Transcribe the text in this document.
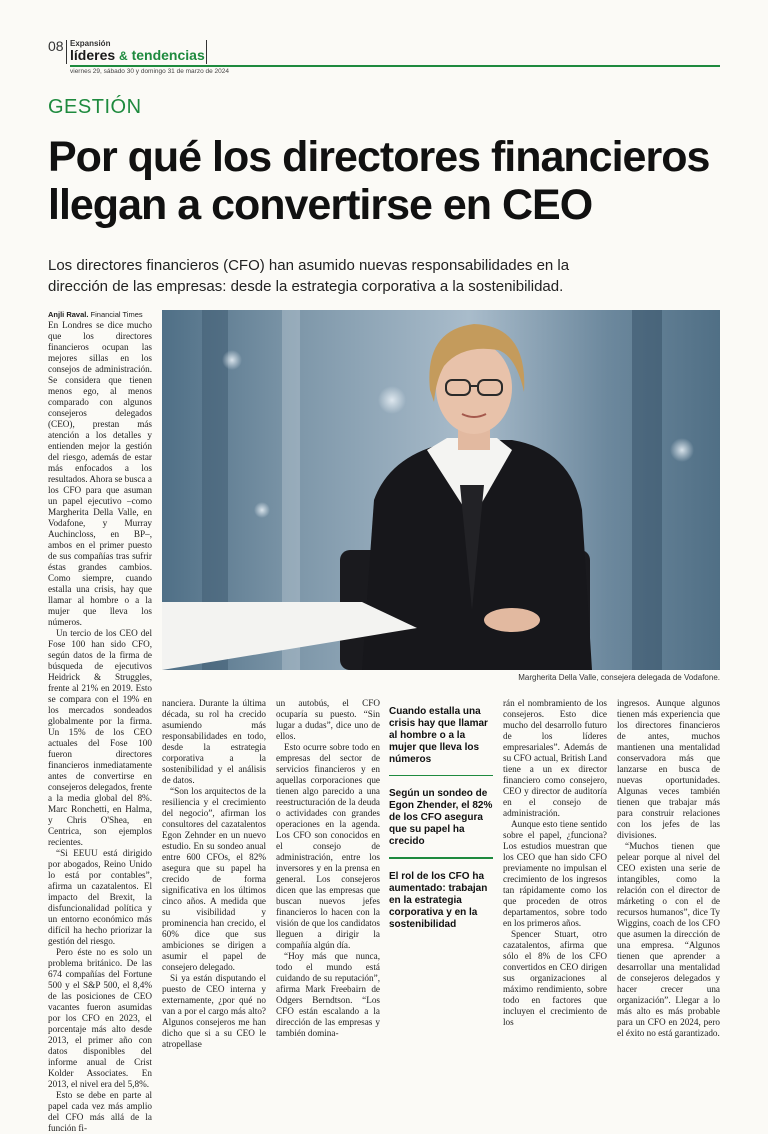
08 Expansión
líderes & tendencias
viernes 29, sábado 30 y domingo 31 de marzo de 2024
GESTIÓN
Por qué los directores financieros llegan a convertirse en CEO
Los directores financieros (CFO) han asumido nuevas responsabilidades en la dirección de las empresas: desde la estrategia corporativa a la sostenibilidad.

Anjli Raval. Financial Times

En Londres se dice mucho que los directores financieros ocupan las mejores sillas en los consejos de administración. Se considera que tienen menos ego, al menos comparado con algunos consejeros delegados (CEO), prestan más atención a los detalles y entienden mejor la gestión del riesgo, además de estar más enfocados a los resultados. Ahora se busca a los CFO para que asuman un papel ejecutivo –como Margherita Della Valle, en Vodafone, y Murray Auchincloss, en BP–, ambos en el primer puesto de sus compañías tras sufrir éstas grandes cambios. Como siempre, cuando estalla una crisis, hay que llamar al hombre o a la mujer que lleva los números.

Un tercio de los CEO del Fose 100 han sido CFO, según datos de la firma de búsqueda de ejecutivos Heidrick & Struggles, frente al 21% en 2019. Esto se compara con el 19% en los mercados sondeados globalmente por la firma. Un 15% de los CEO actuales del Fose 100 fueron directores financieros inmediatamente antes de convertirse en consejeros delegados, frente a la media global del 8%. Marc Ronchetti, en Halma, y Chris O'Shea, en Centrica, son ejemplos recientes.

“Si EEUU está dirigido por abogados, Reino Unido lo está por contables”, afirma un cazatalentos. El impacto del Brexit, la disfuncionalidad política y un entorno económico más difícil ha hecho priorizar la gestión del riesgo.

Pero éste no es solo un problema británico. De las 674 compañías del Fortune 500 y el S&P 500, el 8,4% de las posiciones de CEO vacantes fueron asumidas por los CFO en 2023, el porcentaje más alto desde 2013, el primer año con datos disponibles del informe anual de Crist Kolder Associates. En 2013, el nivel era del 5,8%.

Esto se debe en parte al papel cada vez más amplio del CFO más allá de la función fi-

Margherita Della Valle, consejera delegada de Vodafone.

nanciera. Durante la última década, su rol ha crecido asumiendo más responsabilidades en todo, desde la estrategia corporativa a la sostenibilidad y el análisis de datos.

“Son los arquitectos de la resiliencia y el crecimiento del negocio”, afirman los consultores del cazatalentos Egon Zehnder en un nuevo estudio. En su sondeo anual entre 600 CFOs, el 82% asegura que su papel ha crecido de forma significativa en los últimos cinco años. A medida que su visibilidad y prominencia han crecido, el 60% dice que sus ambiciones se dirigen a asumir el papel de consejero delegado.

Si ya están disputando el puesto de CEO interna y externamente, ¿por qué no van a por el cargo más alto? Algunos consejeros me han dicho que si a su CEO le atropellase

un autobús, el CFO ocuparía su puesto. “Sin lugar a dudas”, dice uno de ellos.

Esto ocurre sobre todo en empresas del sector de servicios financieros y en aquellas corporaciones que tienen algo parecido a una reestructuración de la deuda o actividades con grandes operaciones en la agenda. Los CFO son conocidos en el consejo de administración, entre los inversores y en la prensa en general. Los consejeros dicen que las empresas que buscan nuevos jefes financieros lo hacen con la visión de que los candidatos lleguen a dirigir la compañía algún día.

“Hoy más que nunca, todo el mundo está cuidando de su reputación”, afirma Mark Freebairn de Odgers Berndtson. “Los CFO están escalando a la dirección de las empresas y también domina-

Cuando estalla una crisis hay que llamar al hombre o a la mujer que lleva los números
Según un sondeo de Egon Zhender, el 82% de los CFO asegura que su papel ha crecido
El rol de los CFO ha aumentado: trabajan en la estrategia corporativa y en la sostenibilidad

rán el nombramiento de los consejeros. Esto dice mucho del desarrollo futuro de los líderes empresariales”. Además de su CFO actual, British Land tiene a un ex director financiero como consejero, CEO y director de auditoría en el consejo de administración.

Aunque esto tiene sentido sobre el papel, ¿funciona? Los estudios muestran que los CEO que han sido CFO previamente no impulsan el crecimiento de los ingresos tan rápidamente como los que proceden de otros departamentos, sobre todo en los primeros años.

Spencer Stuart, otro cazatalentos, afirma que sólo el 8% de los CFO convertidos en CEO dirigen sus organizaciones al máximo rendimiento, sobre todo en factores que incluyen el crecimiento de los

ingresos. Aunque algunos tienen más experiencia que los directores financieros de antes, muchos mantienen una mentalidad conservadora más que lanzarse en busca de nuevas oportunidades. Algunas veces también tienen que trabajar más para construir relaciones con los jefes de las divisiones.

“Muchos tienen que pelear porque al nivel del CEO existen una serie de intangibles, como la relación con el director de márketing o con el de recursos humanos”, dice Ty Wiggins, coach de los CFO que asumen la dirección de una empresa. “Algunos tienen que aprender a desarrollar una mentalidad de consejeros delegados y hacer crecer una organización”. Llegar a lo más alto es más probable para un CFO en 2024, pero el éxito no está garantizado.
